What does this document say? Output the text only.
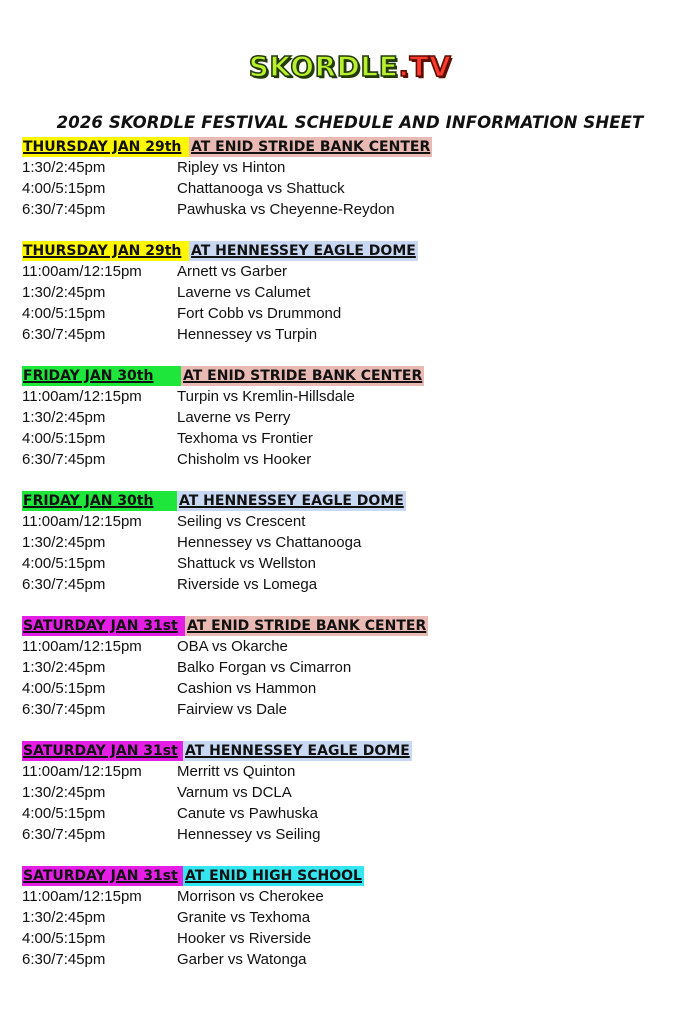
SKORDLE.TV
2026 SKORDLE FESTIVAL SCHEDULE AND INFORMATION SHEET
THURSDAY JAN 29th AT ENID STRIDE BANK CENTER
1:30/2:45pm	Ripley vs Hinton
4:00/5:15pm	Chattanooga vs Shattuck
6:30/7:45pm	Pawhuska vs Cheyenne-Reydon
THURSDAY JAN 29th AT HENNESSEY EAGLE DOME
11:00am/12:15pm Arnett vs Garber
1:30/2:45pm	Laverne vs Calumet
4:00/5:15pm	Fort Cobb vs Drummond
6:30/7:45pm	Hennessey vs Turpin
FRIDAY JAN 30th AT ENID STRIDE BANK CENTER
11:00am/12:15pm Turpin vs Kremlin-Hillsdale
1:30/2:45pm	Laverne vs Perry
4:00/5:15pm	Texhoma vs Frontier
6:30/7:45pm	Chisholm vs Hooker
FRIDAY JAN 30th AT HENNESSEY EAGLE DOME
11:00am/12:15pm Seiling vs Crescent
1:30/2:45pm	Hennessey vs Chattanooga
4:00/5:15pm	Shattuck vs Wellston
6:30/7:45pm	Riverside vs Lomega
SATURDAY JAN 31st AT ENID STRIDE BANK CENTER
11:00am/12:15pm OBA vs Okarche
1:30/2:45pm	Balko Forgan vs Cimarron
4:00/5:15pm	Cashion vs Hammon
6:30/7:45pm	Fairview vs Dale
SATURDAY JAN 31st AT HENNESSEY EAGLE DOME
11:00am/12:15pm Merritt vs Quinton
1:30/2:45pm	Varnum vs DCLA
4:00/5:15pm	Canute vs Pawhuska
6:30/7:45pm	Hennessey vs Seiling
SATURDAY JAN 31st AT ENID HIGH SCHOOL
11:00am/12:15pm Morrison vs Cherokee
1:30/2:45pm	Granite vs Texhoma
4:00/5:15pm	Hooker vs Riverside
6:30/7:45pm	Garber vs Watonga
